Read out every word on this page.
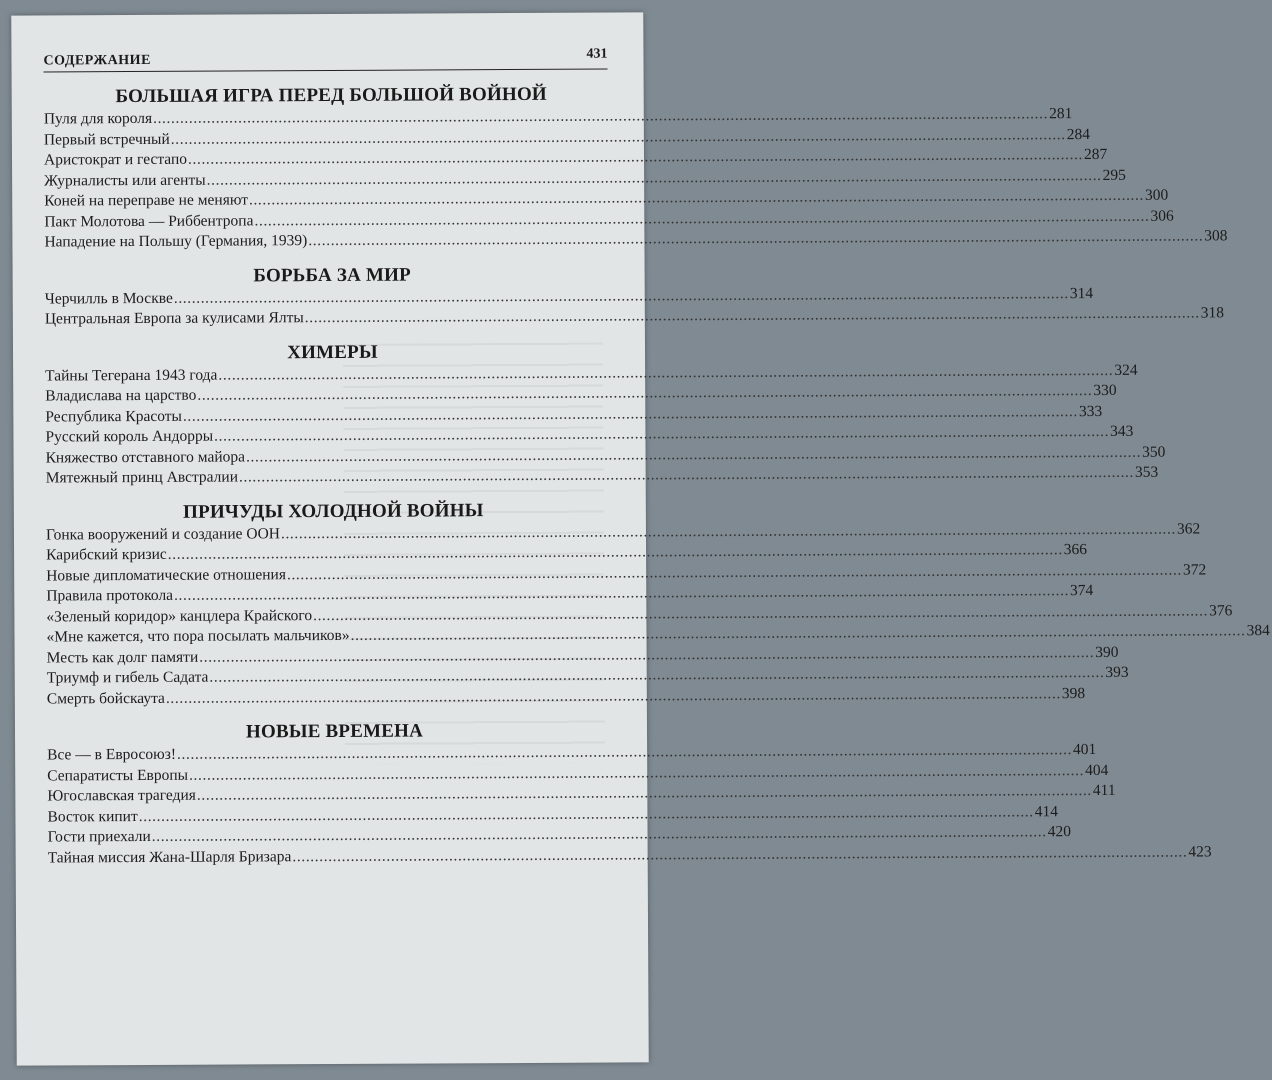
СОДЕРЖАНИЕ	431
БОЛЬШАЯ ИГРА ПЕРЕД БОЛЬШОЙ ВОЙНОЙ
Пуля для короля ........................................................................................................................................................................................................ 281
Первый встречный ........................................................................................................................................................................................................ 284
Аристократ и гестапо ........................................................................................................................................................................................................ 287
Журналисты или агенты ........................................................................................................................................................................................................ 295
Коней на переправе не меняют ........................................................................................................................................................................................................ 300
Пакт Молотова — Риббентропа ........................................................................................................................................................................................................ 306
Нападение на Польшу (Германия, 1939) ........................................................................................................................................................................................................ 308
БОРЬБА ЗА МИР
Черчилль в Москве ........................................................................................................................................................................................................ 314
Центральная Европа за кулисами Ялты ........................................................................................................................................................................................................ 318
ХИМЕРЫ
Тайны Тегерана 1943 года ........................................................................................................................................................................................................ 324
Владислава на царство ........................................................................................................................................................................................................ 330
Республика Красоты ........................................................................................................................................................................................................ 333
Русский король Андорры ........................................................................................................................................................................................................ 343
Княжество отставного майора ........................................................................................................................................................................................................ 350
Мятежный принц Австралии ........................................................................................................................................................................................................ 353
ПРИЧУДЫ ХОЛОДНОЙ ВОЙНЫ
Гонка вооружений и создание ООН ........................................................................................................................................................................................................ 362
Карибский кризис ........................................................................................................................................................................................................ 366
Новые дипломатические отношения ........................................................................................................................................................................................................ 372
Правила протокола ........................................................................................................................................................................................................ 374
«Зеленый коридор» канцлера Крайского ........................................................................................................................................................................................................ 376
«Мне кажется, что пора посылать мальчиков» ........................................................................................................................................................................................................ 384
Месть как долг памяти ........................................................................................................................................................................................................ 390
Триумф и гибель Садата ........................................................................................................................................................................................................ 393
Смерть бойскаута ........................................................................................................................................................................................................ 398
НОВЫЕ ВРЕМЕНА
Все — в Евросоюз! ........................................................................................................................................................................................................ 401
Сепаратисты Европы ........................................................................................................................................................................................................ 404
Югославская трагедия ........................................................................................................................................................................................................ 411
Восток кипит ........................................................................................................................................................................................................ 414
Гости приехали ........................................................................................................................................................................................................ 420
Тайная миссия Жана-Шарля Бризара ........................................................................................................................................................................................................ 423
